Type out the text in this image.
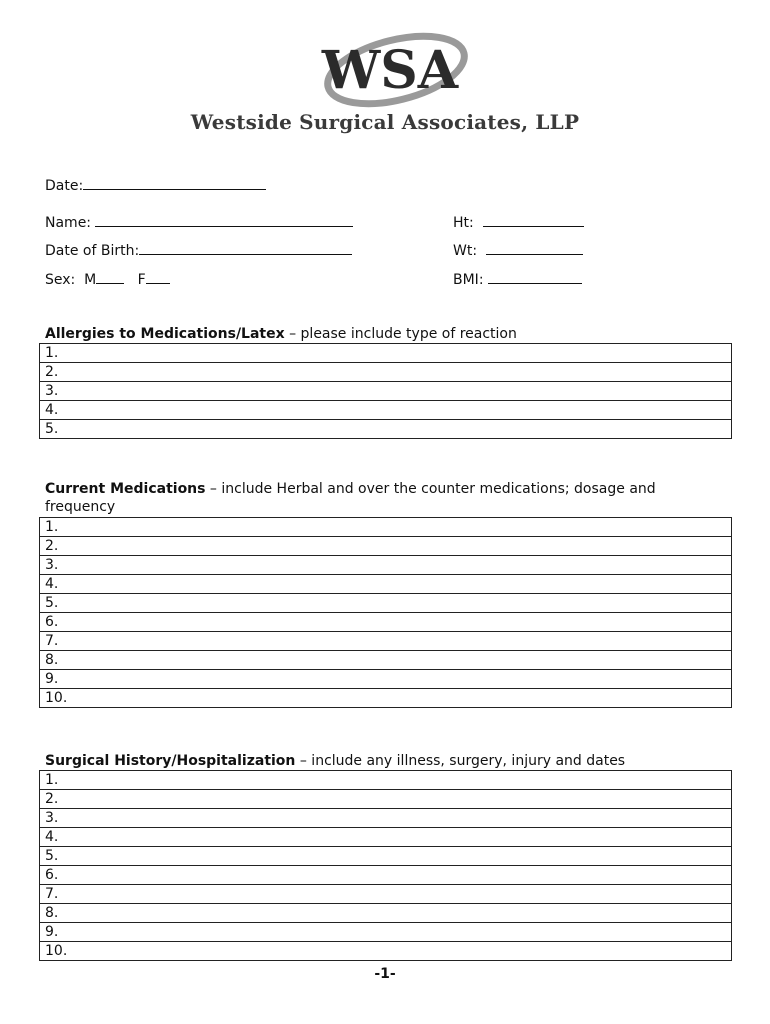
WSA
Westside Surgical Associates, LLP
Date:
Name:
Date of Birth:
Sex: M	F
Ht:
Wt:
BMI:
Allergies to Medications/Latex – please include type of reaction
1.
2.
3.
4.
5.
Current Medications – include Herbal and over the counter medications; dosage and frequency
1.
2.
3.
4.
5.
6.
7.
8.
9.
10.
Surgical History/Hospitalization – include any illness, surgery, injury and dates
1.
2.
3.
4.
5.
6.
7.
8.
9.
10.
-1-
